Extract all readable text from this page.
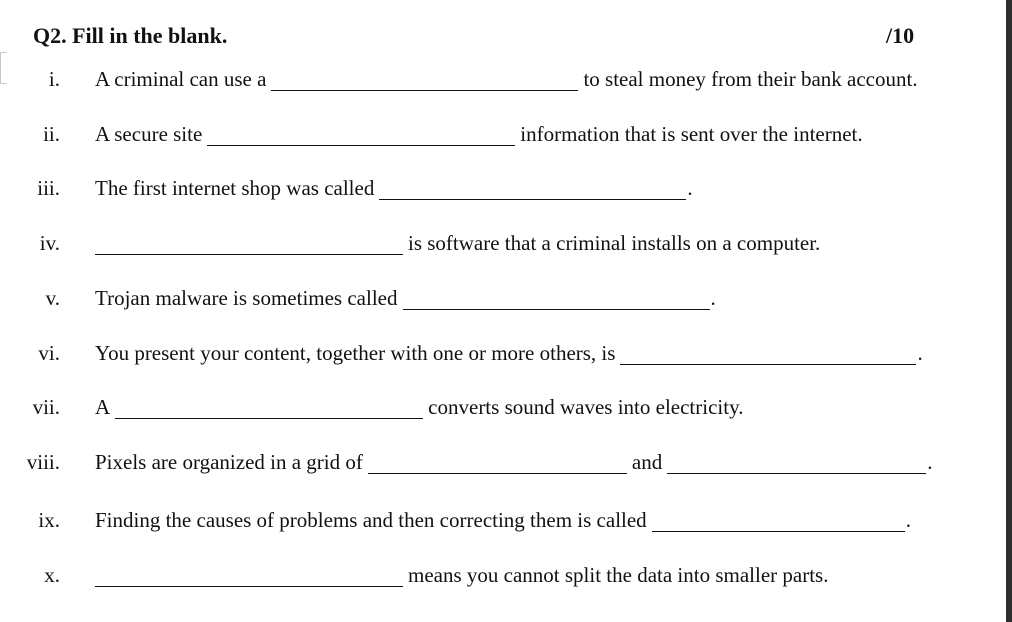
Q2. Fill in the blank.	/10
i. A criminal can use a	to steal money from their bank account.
ii. A secure site	information that is sent over the internet.
iii. The first internet shop was called	.
iv.	is software that a criminal installs on a computer.
v. Trojan malware is sometimes called	.
vi. You present your content, together with one or more others, is	.
vii. A	converts sound waves into electricity.
viii. Pixels are organized in a grid of	and	.
ix. Finding the causes of problems and then correcting them is called	.
x.	means you cannot split the data into smaller parts.
